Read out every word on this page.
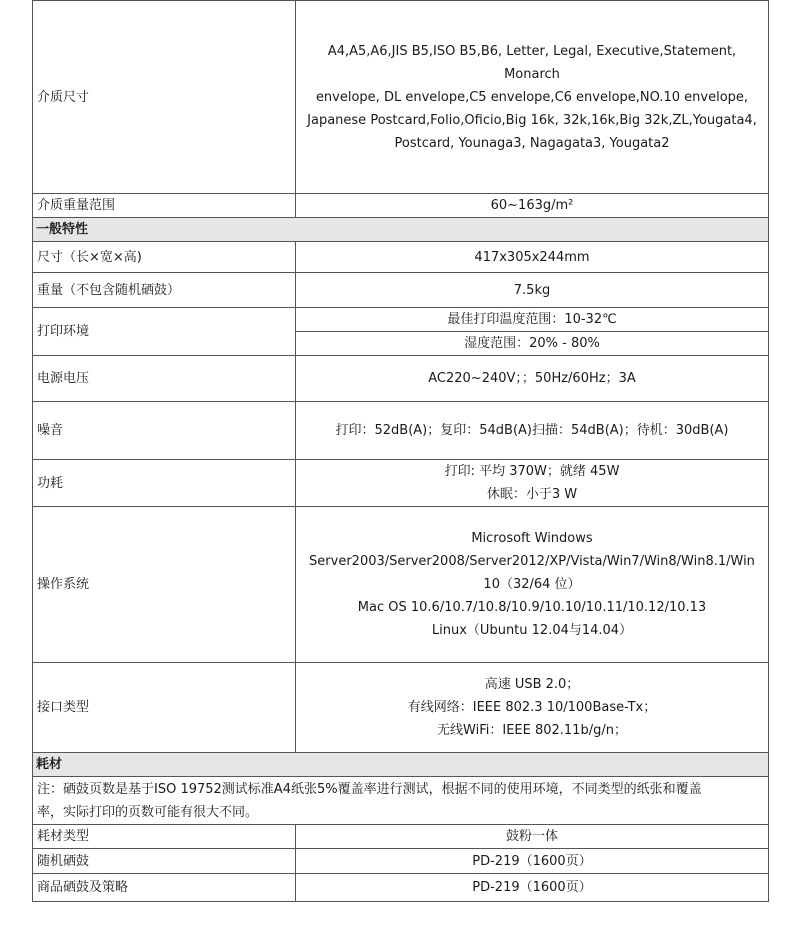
介质尺寸	A4,A5,A6,JIS B5,ISO B5,B6, Letter, Legal, Executive,Statement, Monarch
envelope, DL envelope,C5 envelope,C6 envelope,NO.10 envelope,
Japanese Postcard,Folio,Oficio,Big 16k, 32k,16k,Big 32k,ZL,Yougata4,
Postcard, Younaga3, Nagagata3, Yougata2

介质重量范围	60~163g/m²
一般特性	
尺寸（长×宽×高)	417x305x244mm
重量（不包含随机硒鼓）	7.5kg
打印环境	最佳打印温度范围：10-32℃
	湿度范围：20% - 80%
电源电压	AC220~240V；；50Hz/60Hz；3A
噪音	打印：52dB(A)；复印：54dB(A)扫描：54dB(A)；待机：30dB(A)
功耗	打印: 平均 370W；就绪 45W
休眠：小于3 W

操作系统	Microsoft Windows
Server2003/Server2008/Server2012/XP/Vista/Win7/Win8/Win8.1/Win
10（32/64 位）
Mac OS 10.6/10.7/10.8/10.9/10.10/10.11/10.12/10.13
Linux（Ubuntu 12.04与14.04）

接口类型	高速 USB 2.0；
有线网络：IEEE 802.3 10/100Base-Tx；
无线WiFi：IEEE 802.11b/g/n；

耗材	

注：硒鼓页数是基于ISO 19752测试标准A4纸张5%覆盖率进行测试，根据不同的使用环境，不同类型的纸张和覆盖
率，实际打印的页数可能有很大不同。	

耗材类型	鼓粉一体
随机硒鼓	PD-219（1600页）
商品硒鼓及策略	PD-219（1600页）
